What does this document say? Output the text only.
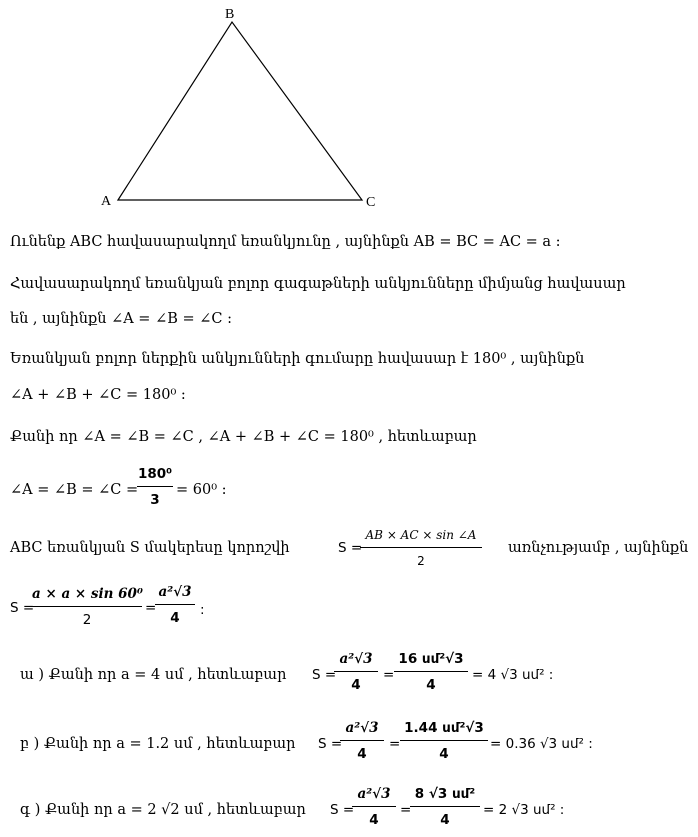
B
A	C
Ունենք ABC հավասարակողմ եռանկյունը , այնինքն AB = BC = AC = a :
Հավասարակողմ եռանկյան բոլոր գագաթների անկյունները միմյանց հավասար
են , այնինքն ∠A = ∠B = ∠C :
Եռանկյան բոլոր ներքին անկյունների գումարը հավասար է 180⁰ , այնինքն
∠A + ∠B + ∠C = 180⁰ :
Քանի որ ∠A = ∠B = ∠C , ∠A + ∠B + ∠C = 180⁰ , հետևաբար
∠A = ∠B = ∠C =
180⁰
3
= 60⁰ :
ABC եռանկյան S մակերեսը կորոշվի	S =
AB × AC × sin ∠A
2
առնչությամբ , այնինքն
S =
a × a × sin 60⁰
2
=
a²√3
4	:
ա ) Քանի որ a = 4 սմ , հետևաբար S =
a²√3
4
=
16 սմ²√3
4
= 4 √3 սմ² :
բ ) Քանի որ a = 1.2 սմ , հետևաբար S =
a²√3
4
=
1.44 սմ²√3
4
= 0.36 √3 սմ² :
գ ) Քանի որ a = 2 √2 սմ , հետևաբար S =
a²√3
4
=
8 √3 սմ²
4
= 2 √3 սմ² :
